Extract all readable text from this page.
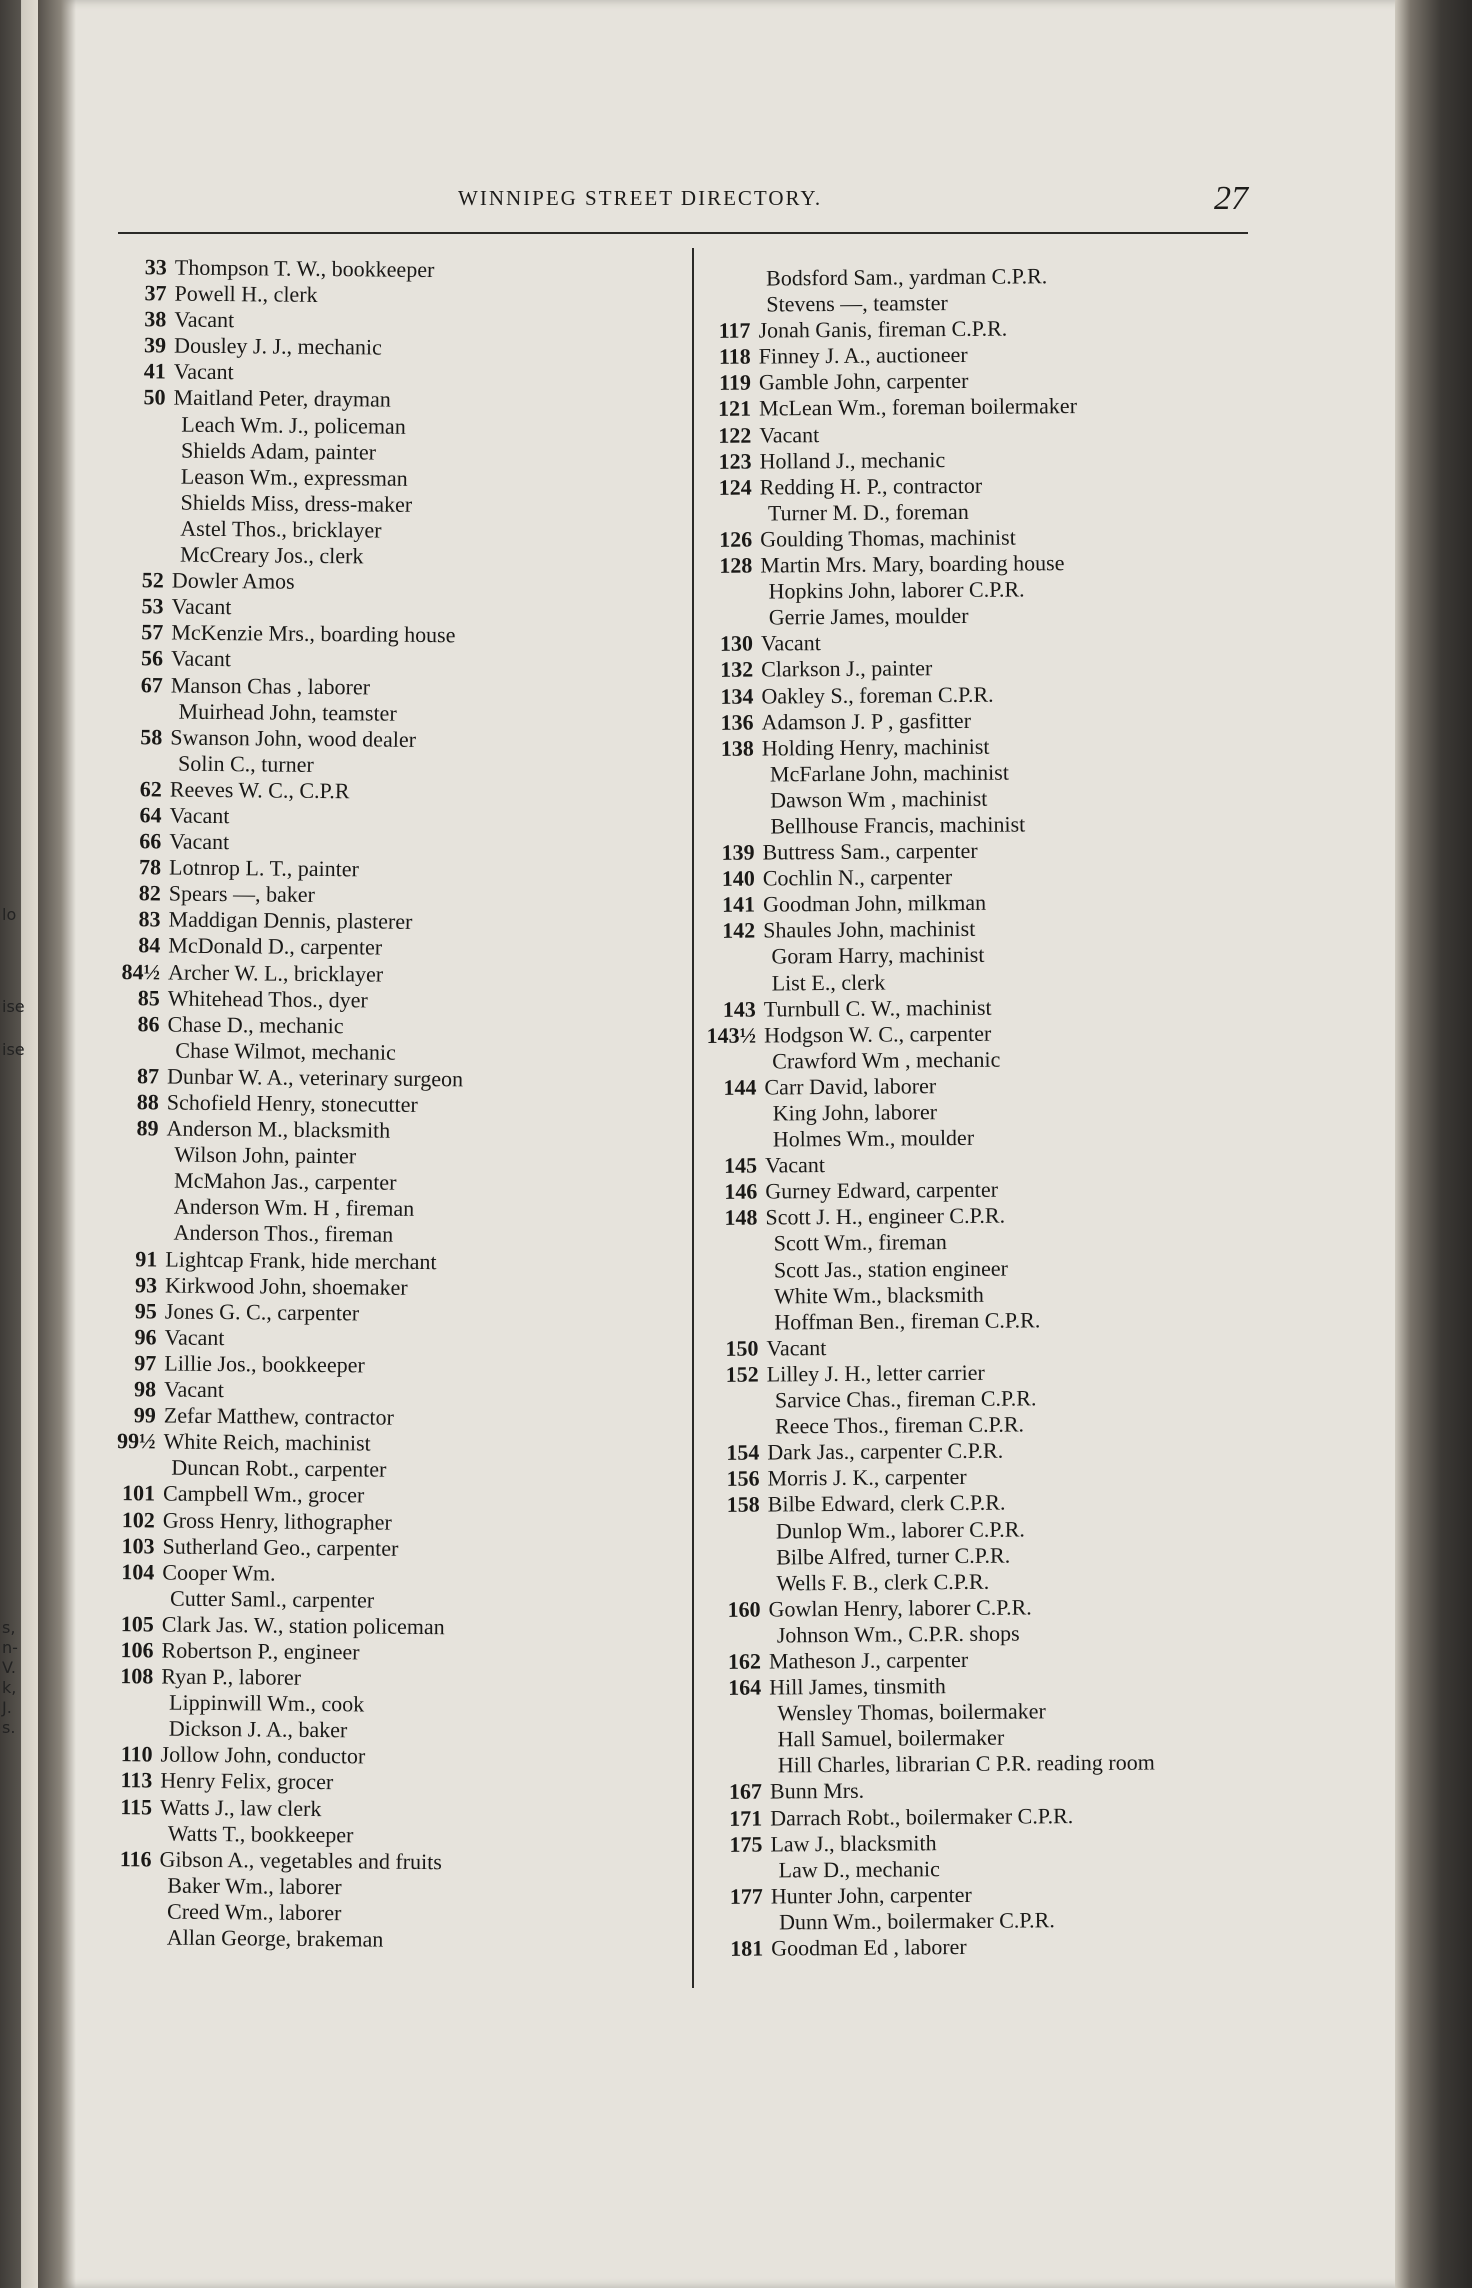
lo
ise
ise
s,
n-
V.
k,
J.
s.
WINNIPEG STREET DIRECTORY.	27
33 Thompson T. W., bookkeeper
37 Powell H., clerk
38 Vacant
39 Dousley J. J., mechanic
41 Vacant
50 Maitland Peter, drayman
Leach Wm. J., policeman
Shields Adam, painter
Leason Wm., expressman
Shields Miss, dress-maker
Astel Thos., bricklayer
McCreary Jos., clerk
52 Dowler Amos
53 Vacant
57 McKenzie Mrs., boarding house
56 Vacant
67 Manson Chas , laborer
Muirhead John, teamster
58 Swanson John, wood dealer
Solin C., turner
62 Reeves W. C., C.P.R
64 Vacant
66 Vacant
78 Lotnrop L. T., painter
82 Spears —, baker
83 Maddigan Dennis, plasterer
84 McDonald D., carpenter
84½ Archer W. L., bricklayer
85 Whitehead Thos., dyer
86 Chase D., mechanic
Chase Wilmot, mechanic
87 Dunbar W. A., veterinary surgeon
88 Schofield Henry, stonecutter
89 Anderson M., blacksmith
Wilson John, painter
McMahon Jas., carpenter
Anderson Wm. H , fireman
Anderson Thos., fireman
91 Lightcap Frank, hide merchant
93 Kirkwood John, shoemaker
95 Jones G. C., carpenter
96 Vacant
97 Lillie Jos., bookkeeper
98 Vacant
99 Zefar Matthew, contractor
99½ White Reich, machinist
Duncan Robt., carpenter
101 Campbell Wm., grocer
102 Gross Henry, lithographer
103 Sutherland Geo., carpenter
104 Cooper Wm.
Cutter Saml., carpenter
105 Clark Jas. W., station policeman
106 Robertson P., engineer
108 Ryan P., laborer
Lippinwill Wm., cook
Dickson J. A., baker
110 Jollow John, conductor
113 Henry Felix, grocer
115 Watts J., law clerk
Watts T., bookkeeper
116 Gibson A., vegetables and fruits
Baker Wm., laborer
Creed Wm., laborer
Allan George, brakeman
Bodsford Sam., yardman C.P.R.
Stevens —, teamster
117 Jonah Ganis, fireman C.P.R.
118 Finney J. A., auctioneer
119 Gamble John, carpenter
121 McLean Wm., foreman boilermaker
122 Vacant
123 Holland J., mechanic
124 Redding H. P., contractor
Turner M. D., foreman
126 Goulding Thomas, machinist
128 Martin Mrs. Mary, boarding house
Hopkins John, laborer C.P.R.
Gerrie James, moulder
130 Vacant
132 Clarkson J., painter
134 Oakley S., foreman C.P.R.
136 Adamson J. P , gasfitter
138 Holding Henry, machinist
McFarlane John, machinist
Dawson Wm , machinist
Bellhouse Francis, machinist
139 Buttress Sam., carpenter
140 Cochlin N., carpenter
141 Goodman John, milkman
142 Shaules John, machinist
Goram Harry, machinist
List E., clerk
143 Turnbull C. W., machinist
143½ Hodgson W. C., carpenter
Crawford Wm , mechanic
144 Carr David, laborer
King John, laborer
Holmes Wm., moulder
145 Vacant
146 Gurney Edward, carpenter
148 Scott J. H., engineer C.P.R.
Scott Wm., fireman
Scott Jas., station engineer
White Wm., blacksmith
Hoffman Ben., fireman C.P.R.
150 Vacant
152 Lilley J. H., letter carrier
Sarvice Chas., fireman C.P.R.
Reece Thos., fireman C.P.R.
154 Dark Jas., carpenter C.P.R.
156 Morris J. K., carpenter
158 Bilbe Edward, clerk C.P.R.
Dunlop Wm., laborer C.P.R.
Bilbe Alfred, turner C.P.R.
Wells F. B., clerk C.P.R.
160 Gowlan Henry, laborer C.P.R.
Johnson Wm., C.P.R. shops
162 Matheson J., carpenter
164 Hill James, tinsmith
Wensley Thomas, boilermaker
Hall Samuel, boilermaker
Hill Charles, librarian C P.R. reading room
167 Bunn Mrs.
171 Darrach Robt., boilermaker C.P.R.
175 Law J., blacksmith
Law D., mechanic
177 Hunter John, carpenter
Dunn Wm., boilermaker C.P.R.
181 Goodman Ed , laborer
